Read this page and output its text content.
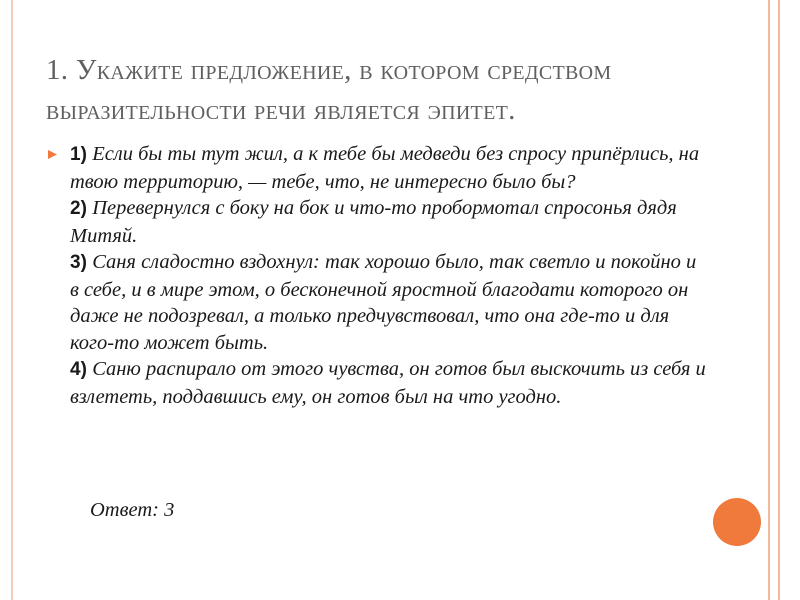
1. Укажите предложение, в котором средством
выразительности речи является эпитет.
1) Если бы ты тут жил, а к тебе бы медведи без спросу припёрлись, на твою территорию, — тебе, что, не интересно было бы?
2) Перевернулся с боку на бок и что-то пробормотал спросонья дядя Митяй.
3) Саня сладостно вздохнул: так хорошо было, так светло и покойно и в себе, и в мире этом, о бесконечной яростной благодати которого он даже не подозревал, а только предчувствовал, что она где-то и для кого-то может быть.
4) Саню распирало от этого чувства, он готов был выскочить из себя и взлететь, поддавшись ему, он готов был на что угодно.
Ответ: 3
